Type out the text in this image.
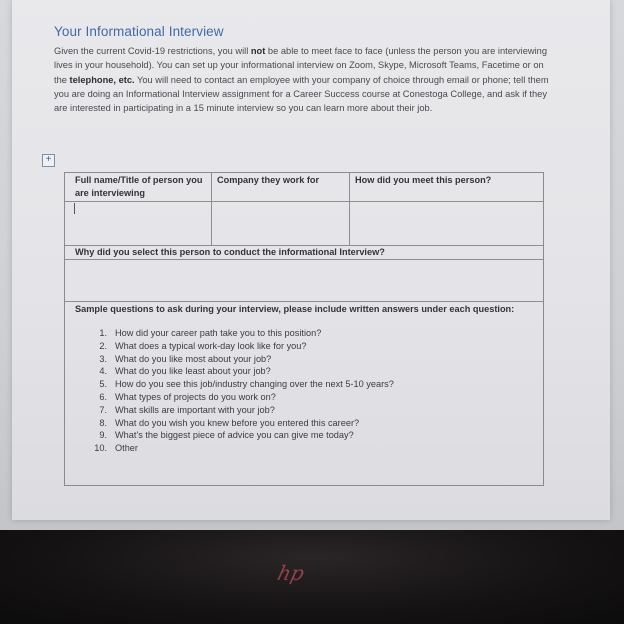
Your Informational Interview
Given the current Covid-19 restrictions, you will not be able to meet face to face (unless the person you are interviewing lives in your household). You can set up your informational interview on Zoom, Skype, Microsoft Teams, Facetime or on the telephone, etc. You will need to contact an employee with your company of choice through email or phone; tell them you are doing an Informational Interview assignment for a Career Success course at Conestoga College, and ask if they are interested in participating in a 15 minute interview so you can learn more about their job.
+
Full name/Title of person you are interviewing
Company they work for	How did you meet this person?
Why did you select this person to conduct the informational Interview?
Sample questions to ask during your interview, please include written answers under each question:
1. How did your career path take you to this position?
2. What does a typical work-day look like for you?
3. What do you like most about your job?
4. What do you like least about your job?
5. How do you see this job/industry changing over the next 5-10 years?
6. What types of projects do you work on?
7. What skills are important with your job?
8. What do you wish you knew before you entered this career?
9. What's the biggest piece of advice you can give me today?
10. Other
hp
